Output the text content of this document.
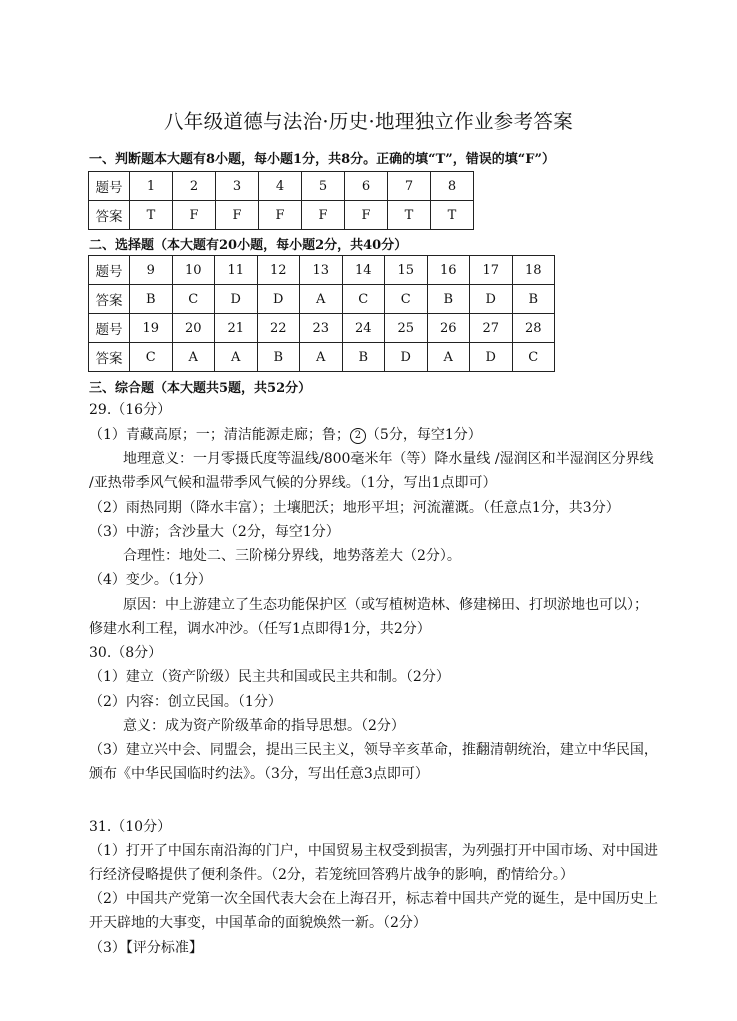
八年级道德与法治·历史·地理独立作业参考答案
一、判断题本大题有8小题，每小题1分，共8分。正确的填“T”，错误的填“F”）
题号	1	2	3	4	5	6	7	8
答案	T	F	F	F	F	F	T	T
二、选择题（本大题有20小题，每小题2分，共40分）
题号	9	10	11	12	13	14	15	16	17	18
答案	B	C	D	D	A	C	C	B	D	B
题号	19	20	21	22	23	24	25	26	27	28
答案	C	A	A	B	A	B	D	A	D	C
三、综合题（本大题共5题，共52分）
29.（16分）
（1）青藏高原；一；清洁能源走廊；鲁； 2 （5分，每空1分）
地理意义：一月零摄氏度等温线/800毫米年（等）降水量线 /湿润区和半湿润区分界线
/亚热带季风气候和温带季风气候的分界线。（1分，写出1点即可）
（2）雨热同期（降水丰富）；土壤肥沃；地形平坦；河流灌溉。（任意点1分，共3分）
（3）中游；含沙量大（2分，每空1分）
合理性：地处二、三阶梯分界线，地势落差大（2分）。
（4）变少。（1分）
原因：中上游建立了生态功能保护区（或写植树造林、修建梯田、打坝淤地也可以）；
修建水利工程，调水冲沙。（任写1点即得1分，共2分）
30.（8分）
（1）建立（资产阶级）民主共和国或民主共和制。（2分）
（2）内容：创立民国。（1分）
意义：成为资产阶级革命的指导思想。（2分）
（3）建立兴中会、同盟会，提出三民主义，领导辛亥革命，推翻清朝统治，建立中华民国，
颁布《中华民国临时约法》。（3分，写出任意3点即可）
31.（10分）
（1）打开了中国东南沿海的门户，中国贸易主权受到损害，为列强打开中国市场、对中国进
行经济侵略提供了便利条件。（2分，若笼统回答鸦片战争的影响，酌情给分。）
（2）中国共产党第一次全国代表大会在上海召开，标志着中国共产党的诞生，是中国历史上
开天辟地的大事变，中国革命的面貌焕然一新。（2分）
（3）【评分标准】
